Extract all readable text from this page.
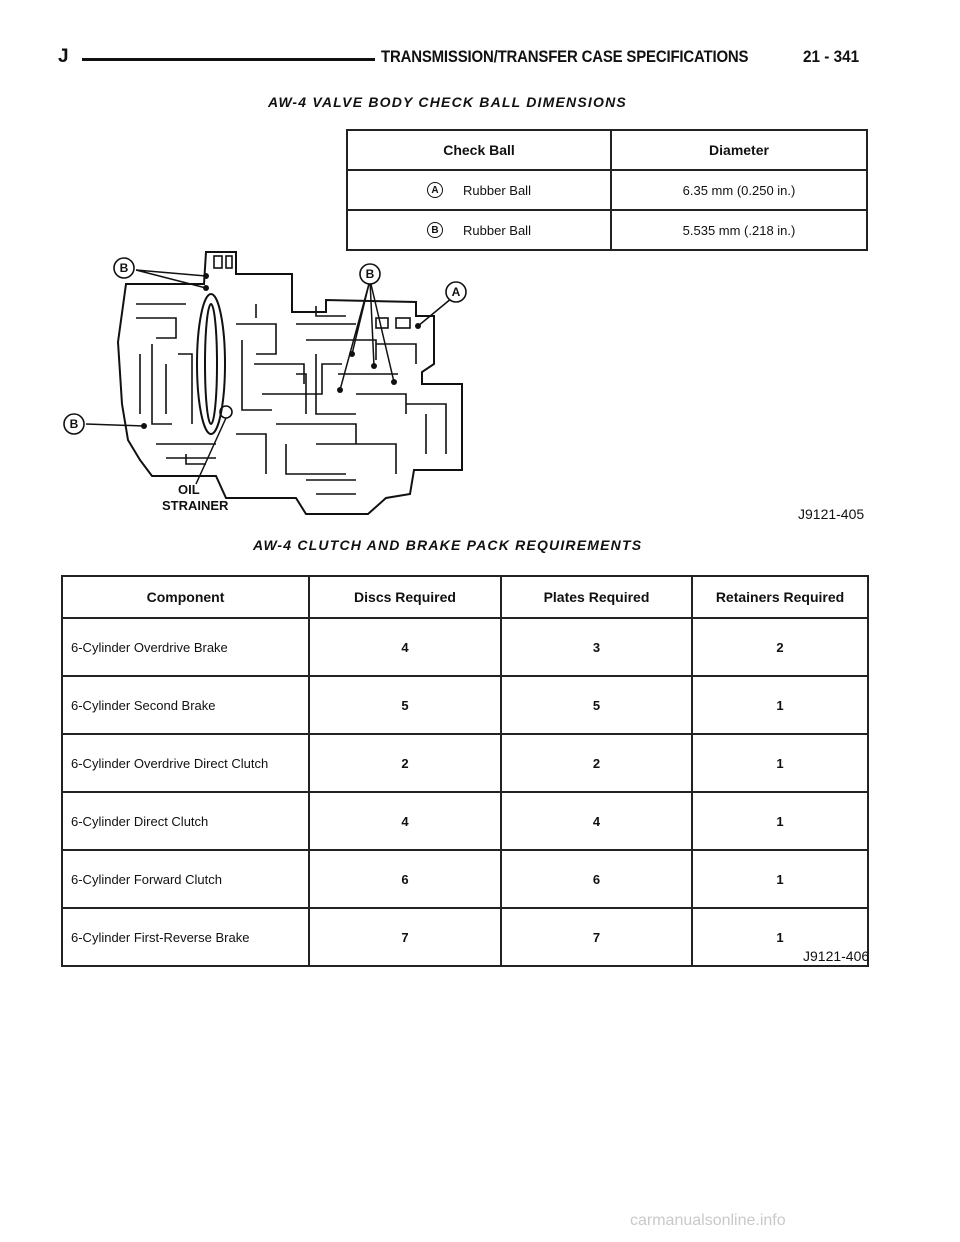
J	TRANSMISSION/TRANSFER CASE SPECIFICATIONS	21 - 341
AW-4 VALVE BODY CHECK BALL DIMENSIONS
Check Ball	Diameter

A Rubber Ball	6.35 mm (0.250 in.)

B Rubber Ball	5.535 mm (.218 in.)
B
B
A
B
OIL
STRAINER
J9121-405
AW-4 CLUTCH AND BRAKE PACK REQUIREMENTS
Component	Discs Required	Plates Required	Retainers Required
6-Cylinder Overdrive Brake	4	3	2
6-Cylinder Second Brake	5	5	1
6-Cylinder Overdrive Direct Clutch	2	2	1
6-Cylinder Direct Clutch	4	4	1
6-Cylinder Forward Clutch	6	6	1
6-Cylinder First-Reverse Brake	7	7	1
J9121-406
carmanualsonline.info
